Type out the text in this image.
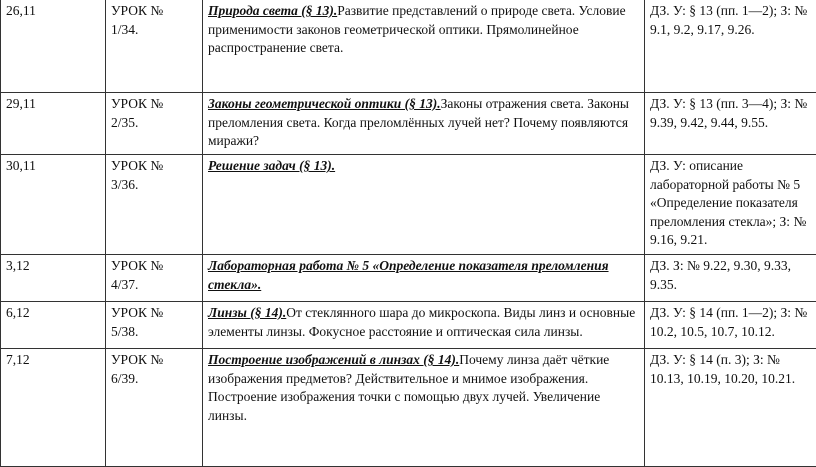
26,11	УРОК № 1/34.	Природа света (§ 13).Развитие представлений о природе света. Условие применимости законов геометрической оптики. Прямолинейное распространение света.	ДЗ. У: § 13 (пп. 1—2); З: № 9.1, 9.2, 9.17, 9.26.
29,11	УРОК № 2/35.	Законы геометрической оптики (§ 13).Законы отражения света. Законы преломления света. Когда преломлённых лучей нет? Почему появляются миражи?	ДЗ. У: § 13 (пп. 3—4); З: № 9.39, 9.42, 9.44, 9.55.
30,11	УРОК № 3/36.	Решение задач (§ 13).	ДЗ. У: описание лабораторной работы № 5 «Определение показателя преломления стекла»; З: № 9.16, 9.21.
3,12	УРОК № 4/37.	Лабораторная работа № 5 «Определение показателя преломления стекла».	ДЗ. З: № 9.22, 9.30, 9.33, 9.35.
6,12	УРОК № 5/38.	Линзы (§ 14).От стеклянного шара до микроскопа. Виды линз и основные элементы линзы. Фокусное расстояние и оптическая сила линзы.	ДЗ. У: § 14 (пп. 1—2); З: № 10.2, 10.5, 10.7, 10.12.
7,12	УРОК № 6/39.	Построение изображений в линзах (§ 14).Почему линза даёт чёткие изображения предметов? Действительное и мнимое изображения. Построение изображения точки с помощью двух лучей. Увеличение линзы.	ДЗ. У: § 14 (п. 3); З: № 10.13, 10.19, 10.20, 10.21.
